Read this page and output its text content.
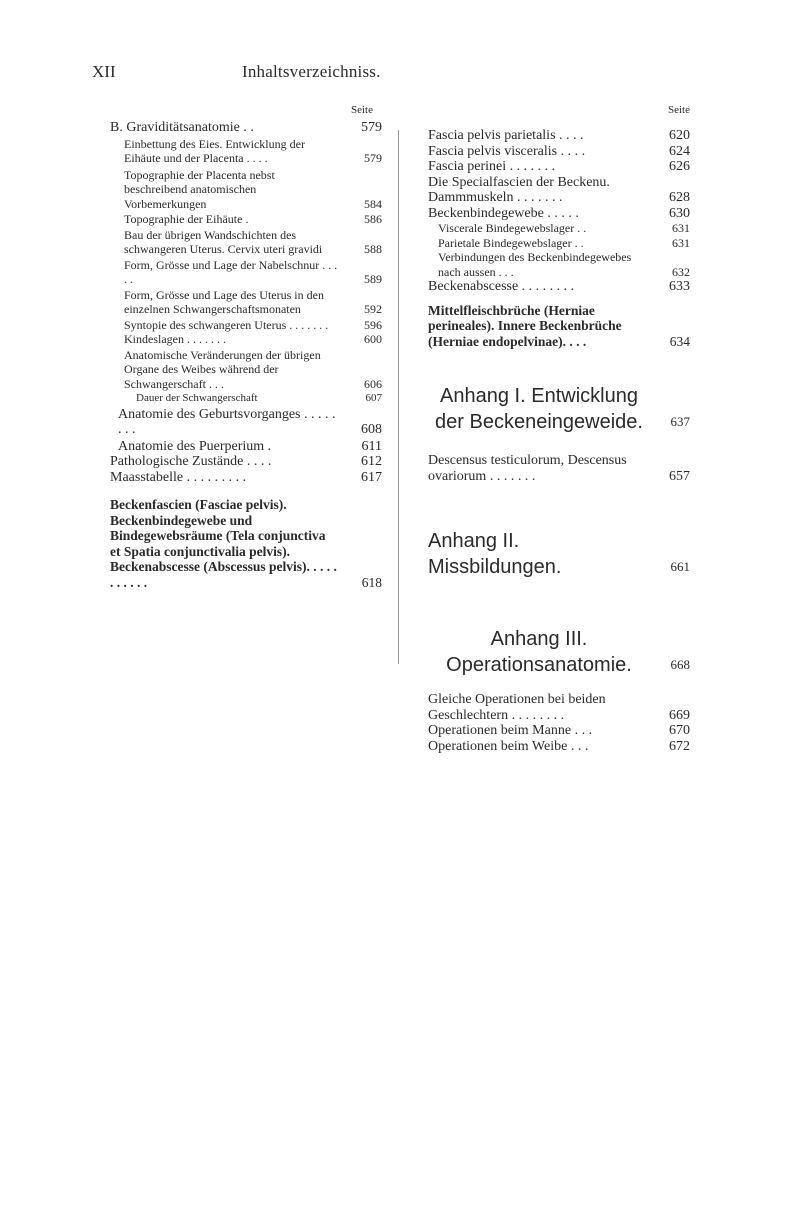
XII	Inhaltsverzeichniss.
Seite
B. Graviditätsanatomie . .	579
Einbettung des Eies. Entwicklung der Eihäute und der Placenta . . . .	579
Topographie der Placenta nebst beschreibend anatomischen Vorbemerkungen	584
Topographie der Eihäute .	586
Bau der übrigen Wandschichten des schwangeren Uterus. Cervix uteri gravidi	588
Form, Grösse und Lage der Nabelschnur . . . . .	589
Form, Grösse und Lage des Uterus in den einzelnen Schwangerschaftsmonaten	592
Syntopie des schwangeren Uterus . . . . . . .	596
Kindeslagen . . . . . . .	600
Anatomische Veränderungen der übrigen Organe des Weibes während der Schwangerschaft . . .	606
Dauer der Schwangerschaft	607
Anatomie des Geburtsvorganges . . . . . . . .	608
Anatomie des Puerperium .	611
Pathologische Zustände . . . .	612
Maasstabelle . . . . . . . . .	617
Beckenfascien (Fasciae pelvis). Beckenbindegewebe und Bindegewebsräume (Tela conjunctiva et Spatia conjunctivalia pelvis). Beckenabscesse (Abscessus pelvis). . . . . . . . . . .	618
Seite
Fascia pelvis parietalis . . . .	620
Fascia pelvis visceralis . . . .	624
Fascia perinei . . . . . . .	626
Die Specialfascien der Beckenu. Dammmuskeln . . . . . . .	628
Beckenbindegewebe . . . . .	630
Viscerale Bindegewebslager . .	631
Parietale Bindegewebslager . .	631
Verbindungen des Beckenbindegewebes nach aussen . . .	632
Beckenabscesse . . . . . . . .	633
Mittelfleischbrüche (Herniae perineales). Innere Beckenbrüche (Herniae endopelvinae). . . .	634
Anhang I. Entwicklung der Beckeneingeweide.	637
Descensus testiculorum, Descensus ovariorum . . . . . . .	657
Anhang II. Missbildungen.	661
Anhang III. Operationsanatomie.	668
Gleiche Operationen bei beiden Geschlechtern . . . . . . . .	669
Operationen beim Manne . . .	670
Operationen beim Weibe . . .	672
